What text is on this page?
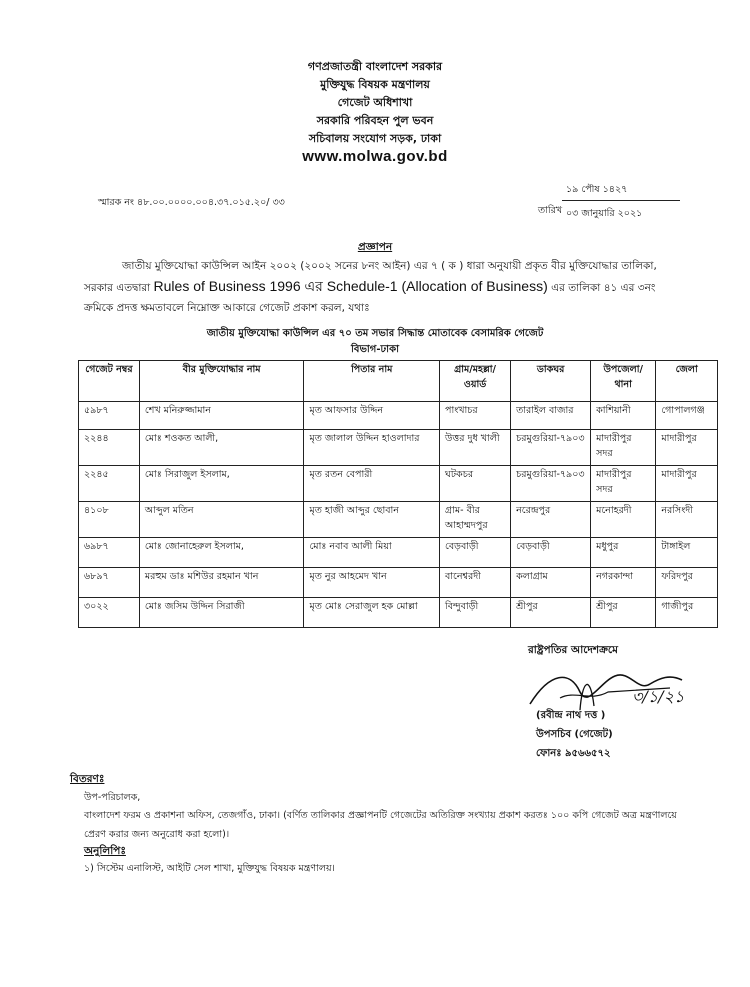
গণপ্রজাতন্ত্রী বাংলাদেশ সরকার
মুক্তিযুদ্ধ বিষয়ক মন্ত্রণালয়
গেজেট অধিশাখা
সরকারি পরিবহন পুল ভবন
সচিবালয় সংযোগ সড়ক, ঢাকা
www.molwa.gov.bd
স্মারক নং ৪৮.০০.০০০০.০০৪.৩৭.০১৫.২০/ ৩৩
১৯ পৌষ ১৪২৭
তারিখ ০৩ জানুয়ারি ২০২১
প্রজ্ঞাপন
জাতীয় মুক্তিযোদ্ধা কাউন্সিল আইন ২০০২ (২০০২ সনের ৮নং আইন) এর ৭ ( ক ) ধারা অনুযায়ী প্রকৃত বীর মুক্তিযোদ্ধার তালিকা, সরকার এতদ্বারা Rules of Business 1996 এর Schedule-1 (Allocation of Business) এর তালিকা ৪১ এর ৩নং ক্রমিকে প্রদত্ত ক্ষমতাবলে নিম্নোক্ত আকারে গেজেট প্রকাশ করল, যথাঃ
জাতীয় মুক্তিযোদ্ধা কাউন্সিল এর ৭০ তম সভার সিদ্ধান্ত মোতাবেক বেসামরিক গেজেট
বিভাগ-ঢাকা
গেজেট নম্বর	বীর মুক্তিযোদ্ধার নাম	পিতার নাম	গ্রাম/মহল্লা/ ওয়ার্ড	ডাকঘর	উপজেলা/ থানা	জেলা
৫৯৮৭	শেখ মনিরুজ্জামান	মৃত আফসার উদ্দিন	পাংখাচর	তারাইল বাজার	কাশিয়ানী	গোপালগঞ্জ
২২৪৪	মোঃ শওকত আলী,	মৃত জালাল উদ্দিন হাওলাদার	উত্তর দুধ খালী	চরমুগুরিয়া-৭৯০৩	মাদারীপুর সদর	মাদারীপুর
২২৪৫	মোঃ সিরাজুল ইসলাম,	মৃত রতন বেপারী	ঘটকচর	চরমুগুরিয়া-৭৯০৩	মাদারীপুর সদর	মাদারীপুর
৪১০৮	আব্দুল মতিন	মৃত হাজী আব্দুর ছোবান	গ্রাম- বীর আহাম্মদপুর	নরেন্দ্রপুর	মনোহরদী	নরসিংদী
৬৯৮৭	মোঃ জোনাহেরুল ইসলাম,	মোঃ নবাব আলী মিয়া	বেড়বাড়ী	বেড়বাড়ী	মধুপুর	টাঙ্গাইল
৬৮৯৭	মরহুম ডাঃ মশিউর রহমান খান	মৃত নুর আহমেদ খান	বানেশ্বরদী	কলাগ্রাম	নগরকান্দা	ফরিদপুর
৩০২২	মোঃ জসিম উদ্দিন সিরাজী	মৃত মোঃ সেরাজুল হক মোল্লা	বিন্দুবাড়ী	শ্রীপুর	শ্রীপুর	গাজীপুর
রাষ্ট্রপতির আদেশক্রমে
৩/১/২১
(রবীন্দ্র নাথ দত্ত )
উপসচিব (গেজেট)
ফোনঃ ৯৫৬৬৫৭২
বিতরণঃ
উপ-পরিচালক,
বাংলাদেশ ফরম ও প্রকাশনা অফিস, তেজগাঁও, ঢাকা। (বর্ণিত তালিকার প্রজ্ঞাপনটি গেজেটের অতিরিক্ত সংখ্যায় প্রকাশ করতঃ ১০০ কপি গেজেট অত্র মন্ত্রণালয়ে প্রেরণ করার জন্য অনুরোধ করা হলো)।
অনুলিপিঃ
১) সিস্টেম এনালিস্ট, আইটি সেল শাখা, মুক্তিযুদ্ধ বিষয়ক মন্ত্রণালয়।
